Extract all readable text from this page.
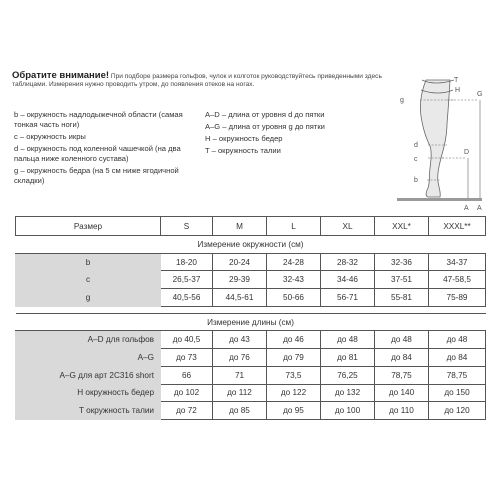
Обратите внимание! При подборе размера гольфов, чулок и колготок руководствуйтесь приведенными здесь таблицами. Измерения нужно проводить утром, до появления отеков на ногах.
b – окружность надлодыжечной области (самая тонкая часть ноги)
c – окружность икры
d – окружность под коленной чашечкой (на два пальца ниже коленного сустава)
g – окружность бедра (на 5 см ниже ягодичной складки)
A–D – длина от уровня d до пятки
A–G – длина от уровня g до пятки
H – окружность бедер
T – окружность талии
T
H
G
g
d
D
c
b
A A
Размер	S	M	L	XL	XXL*	XXXL**
Измерение окружности (см)						
b	18-20	20-24	24-28	28-32	32-36	34-37
c	26,5-37	29-39	32-43	34-46	37-51	47-58,5
g	40,5-56	44,5-61	50-66	56-71	55-81	75-89

Измерение длины (см)						
A–D для гольфов	до 40,5	до 43	до 46	до 48	до 48	до 48
A–G	до 73	до 76	до 79	до 81	до 84	до 84
A–G для арт 2C316 short	66	71	73,5	76,25	78,75	78,75
H окружность бедер	до 102	до 112	до 122	до 132	до 140	до 150
T окружность талии	до 72	до 85	до 95	до 100	до 110	до 120
